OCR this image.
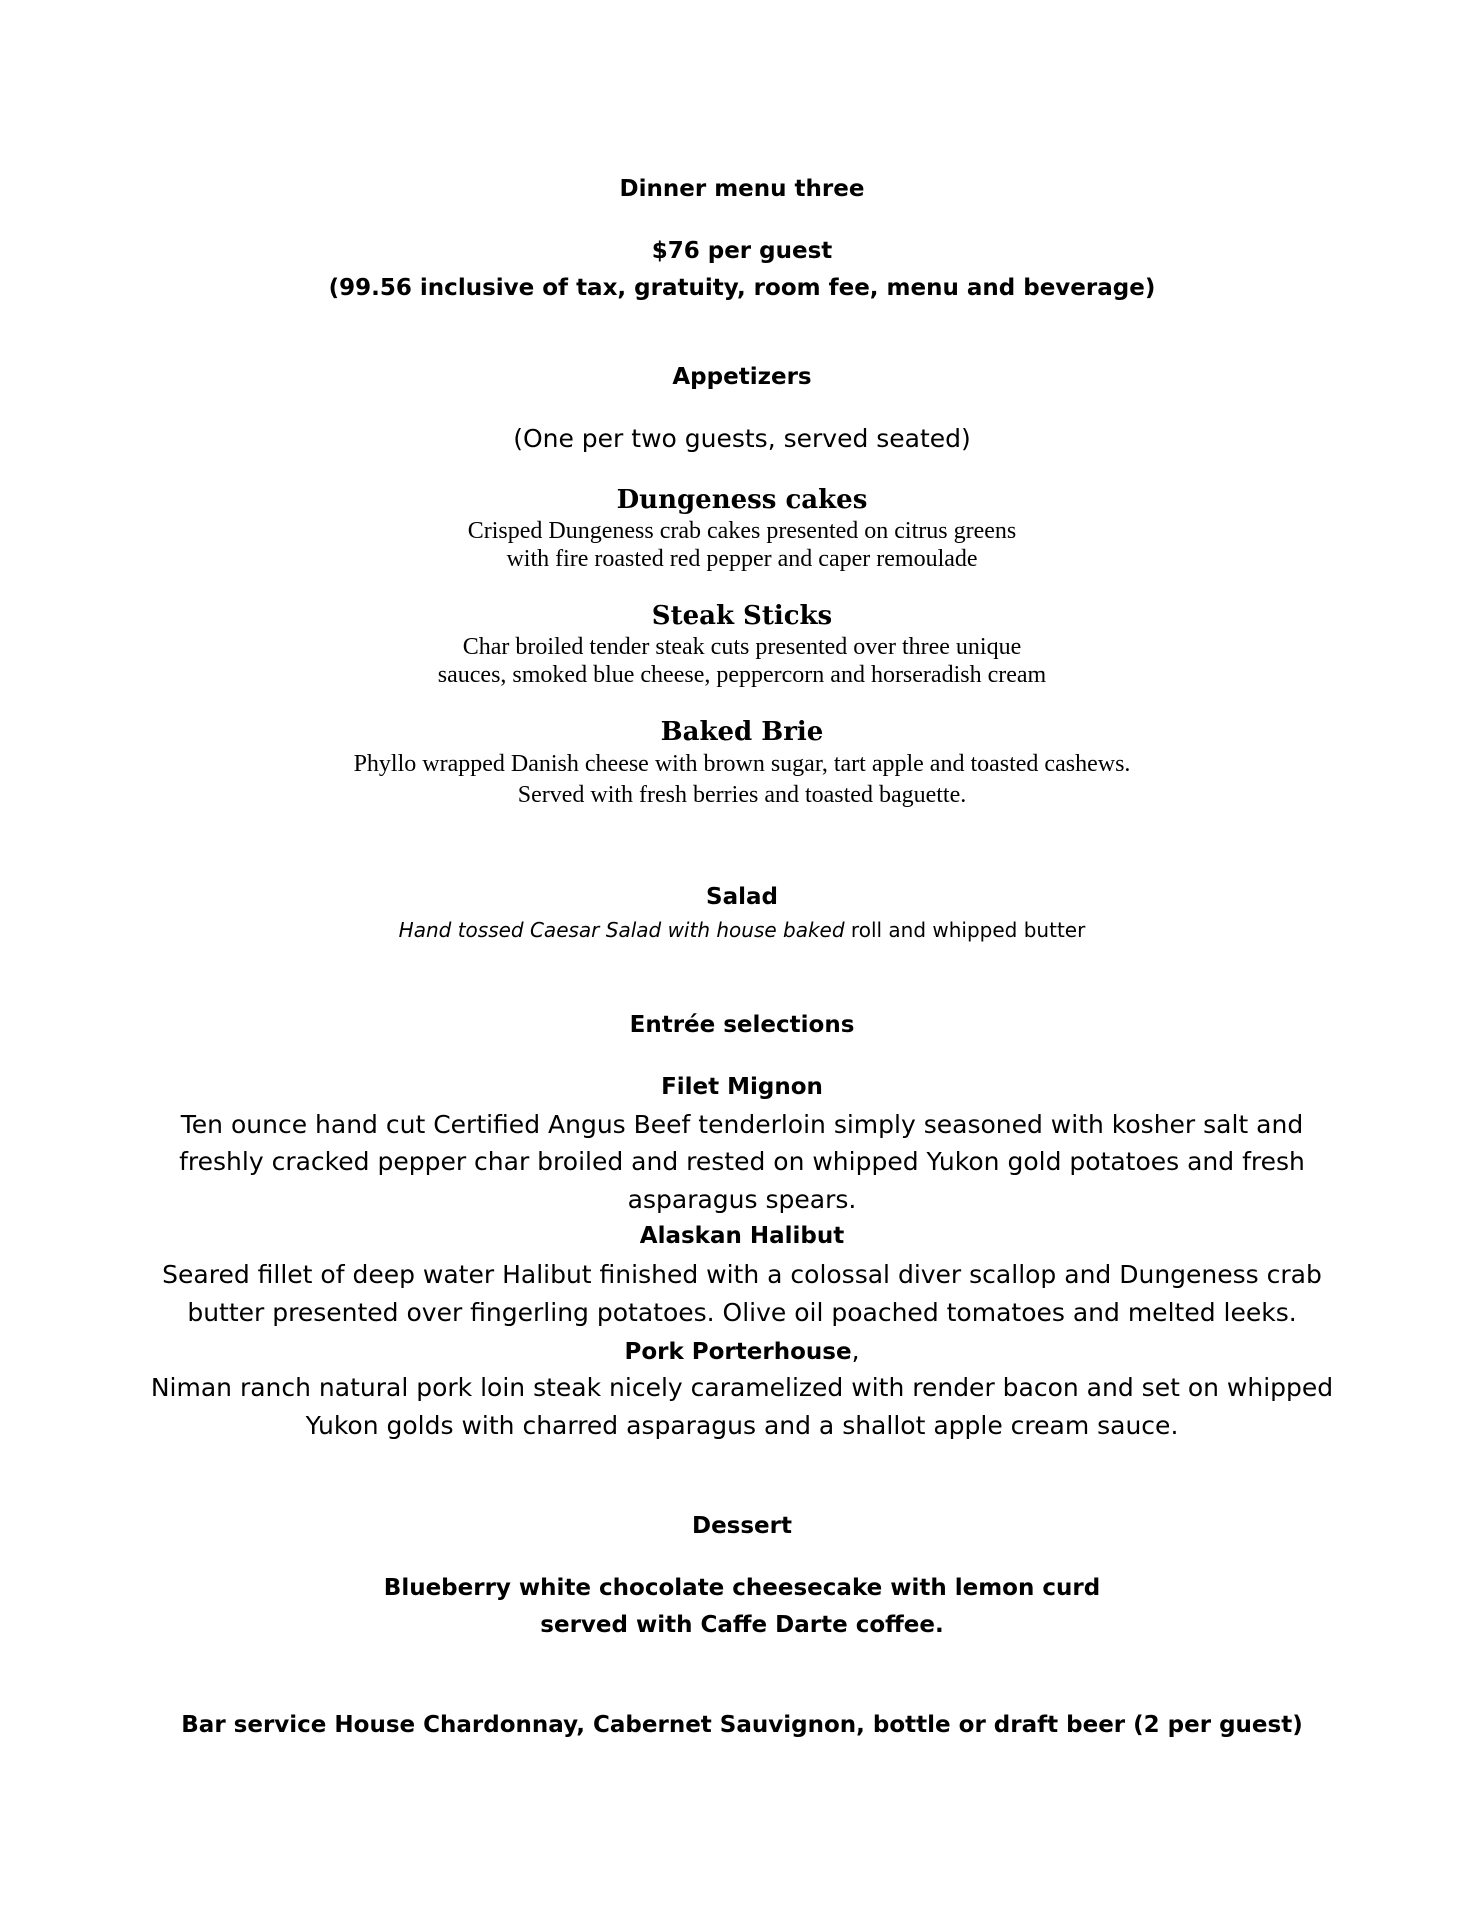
Dinner menu three
$76 per guest
(99.56 inclusive of tax, gratuity, room fee, menu and beverage)
Appetizers
(One per two guests, served seated)
Dungeness cakes
Crisped Dungeness crab cakes presented on citrus greens
with fire roasted red pepper and caper remoulade
Steak Sticks
Char broiled tender steak cuts presented over three unique
sauces, smoked blue cheese, peppercorn and horseradish cream
Baked Brie
Phyllo wrapped Danish cheese with brown sugar, tart apple and toasted cashews.
Served with fresh berries and toasted baguette.
Salad
Hand tossed Caesar Salad with house baked roll and whipped butter
Entrée selections
Filet Mignon
Ten ounce hand cut Certified Angus Beef tenderloin simply seasoned with kosher salt and
freshly cracked pepper char broiled and rested on whipped Yukon gold potatoes and fresh
asparagus spears.
Alaskan Halibut
Seared fillet of deep water Halibut finished with a colossal diver scallop and Dungeness crab
butter presented over fingerling potatoes. Olive oil poached tomatoes and melted leeks.
Pork Porterhouse,
Niman ranch natural pork loin steak nicely caramelized with render bacon and set on whipped
Yukon golds with charred asparagus and a shallot apple cream sauce.
Dessert
Blueberry white chocolate cheesecake with lemon curd
served with Caffe Darte coffee.
Bar service House Chardonnay, Cabernet Sauvignon, bottle or draft beer (2 per guest)
